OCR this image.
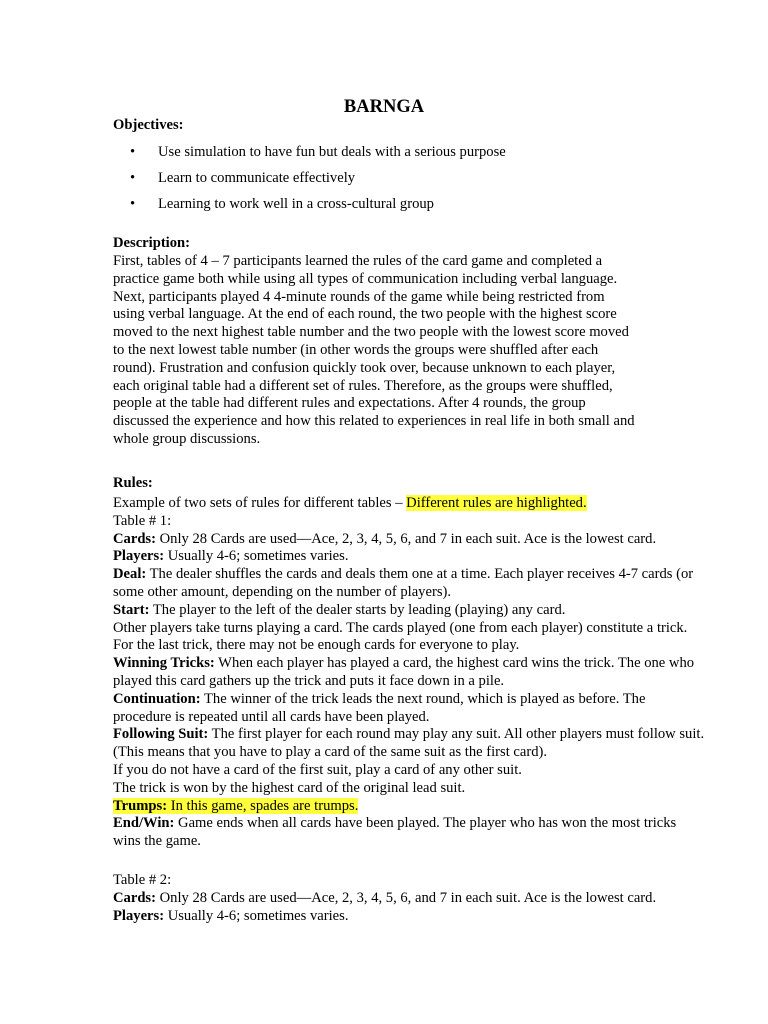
BARNGA
Objectives:
• Use simulation to have fun but deals with a serious purpose
• Learn to communicate effectively
• Learning to work well in a cross-cultural group
Description:
First, tables of 4 – 7 participants learned the rules of the card game and completed a
practice game both while using all types of communication including verbal language.
Next, participants played 4 4-minute rounds of the game while being restricted from
using verbal language. At the end of each round, the two people with the highest score
moved to the next highest table number and the two people with the lowest score moved
to the next lowest table number (in other words the groups were shuffled after each
round). Frustration and confusion quickly took over, because unknown to each player,
each original table had a different set of rules. Therefore, as the groups were shuffled,
people at the table had different rules and expectations. After 4 rounds, the group
discussed the experience and how this related to experiences in real life in both small and
whole group discussions.
Rules:
Example of two sets of rules for different tables – Different rules are highlighted.
Table # 1:
Cards: Only 28 Cards are used—Ace, 2, 3, 4, 5, 6, and 7 in each suit. Ace is the lowest card.
Players: Usually 4-6; sometimes varies.
Deal: The dealer shuffles the cards and deals them one at a time. Each player receives 4-7 cards (or
some other amount, depending on the number of players).
Start: The player to the left of the dealer starts by leading (playing) any card.
Other players take turns playing a card. The cards played (one from each player) constitute a trick.
For the last trick, there may not be enough cards for everyone to play.
Winning Tricks: When each player has played a card, the highest card wins the trick. The one who
played this card gathers up the trick and puts it face down in a pile.
Continuation: The winner of the trick leads the next round, which is played as before. The
procedure is repeated until all cards have been played.
Following Suit: The first player for each round may play any suit. All other players must follow suit.
(This means that you have to play a card of the same suit as the first card).
If you do not have a card of the first suit, play a card of any other suit.
The trick is won by the highest card of the original lead suit.
Trumps: In this game, spades are trumps.
End/Win: Game ends when all cards have been played. The player who has won the most tricks
wins the game.
Table # 2:
Cards: Only 28 Cards are used—Ace, 2, 3, 4, 5, 6, and 7 in each suit. Ace is the lowest card.
Players: Usually 4-6; sometimes varies.
